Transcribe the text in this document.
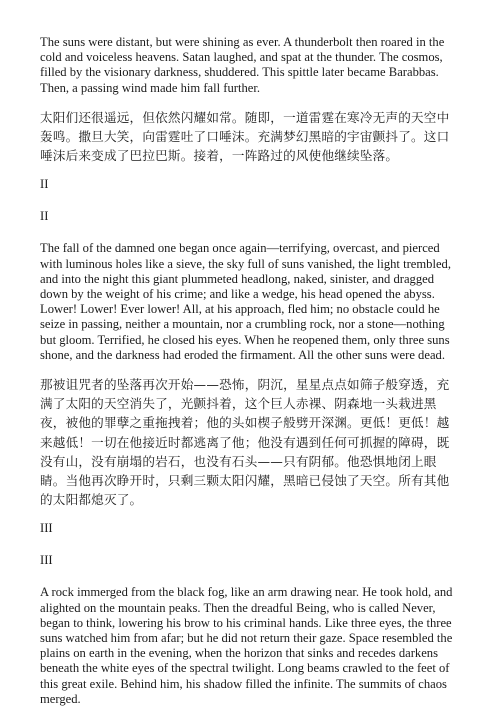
The suns were distant, but were shining as ever. A thunderbolt then roared in the cold and voiceless heavens. Satan laughed, and spat at the thunder. The cosmos, filled by the visionary darkness, shuddered. This spittle later became Barabbas. Then, a passing wind made him fall further.

太阳们还很遥远，但依然闪耀如常。随即，一道雷霆在寒冷无声的天空中轰鸣。撒旦大笑，向雷霆吐了口唾沫。充满梦幻黑暗的宇宙颤抖了。这口唾沫后来变成了巴拉巴斯。接着，一阵路过的风使他继续坠落。

II

II

The fall of the damned one began once again—terrifying, overcast, and pierced with luminous holes like a sieve, the sky full of suns vanished, the light trembled, and into the night this giant plummeted headlong, naked, sinister, and dragged down by the weight of his crime; and like a wedge, his head opened the abyss. Lower! Lower! Ever lower! All, at his approach, fled him; no obstacle could he seize in passing, neither a mountain, nor a crumbling rock, nor a stone—nothing but gloom. Terrified, he closed his eyes. When he reopened them, only three suns shone, and the darkness had eroded the firmament. All the other suns were dead.

那被诅咒者的坠落再次开始——恐怖，阴沉，星星点点如筛子般穿透，充满了太阳的天空消失了，光颤抖着，这个巨人赤裸、阴森地一头栽进黑夜，被他的罪孽之重拖拽着；他的头如楔子般劈开深渊。更低！更低！越来越低！一切在他接近时都逃离了他；他没有遇到任何可抓握的障碍，既没有山，没有崩塌的岩石，也没有石头——只有阴郁。他恐惧地闭上眼睛。当他再次睁开时，只剩三颗太阳闪耀，黑暗已侵蚀了天空。所有其他的太阳都熄灭了。

III

III

A rock immerged from the black fog, like an arm drawing near. He took hold, and alighted on the mountain peaks. Then the dreadful Being, who is called Never, began to think, lowering his brow to his criminal hands. Like three eyes, the three suns watched him from afar; but he did not return their gaze. Space resembled the plains on earth in the evening, when the horizon that sinks and recedes darkens beneath the white eyes of the spectral twilight. Long beams crawled to the feet of this great exile. Behind him, his shadow filled the infinite. The summits of chaos merged.
